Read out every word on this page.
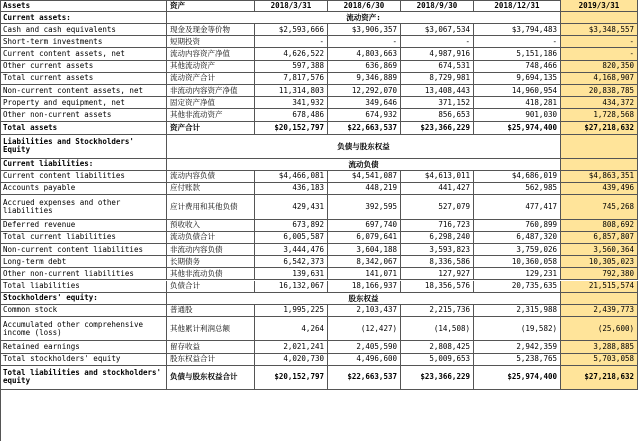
Assets	资产	2018/3/31	2018/6/30	2018/9/30	2018/12/31	2019/3/31
Current assets:	流动资产:
Cash and cash equivalents	现金及现金等价物	$2,593,666	$3,906,357	$3,067,534	$3,794,483	$3,348,557
Short-term investments	短期投资	-	-	-	-	-
Current content assets, net	流动内容资产净值	4,626,522	4,803,663	4,987,916	5,151,186	-
Other current assets	其他流动资产	597,388	636,869	674,531	748,466	820,350
Total current assets	流动资产合计	7,817,576	9,346,889	8,729,981	9,694,135	4,168,907
Non-current content assets, net	非流动内容资产净值	11,314,803	12,292,070	13,408,443	14,960,954	20,838,785
Property and equipment, net	固定资产净值	341,932	349,646	371,152	418,281	434,372
Other non-current assets	其他非流动资产	678,486	674,932	856,653	901,030	1,728,568
Total assets	资产合计	$20,152,797	$22,663,537	$23,366,229	$25,974,400	$27,218,632
Liabilities and Stockholders' Equity	负债与股东权益
Current liabilities:	流动负债
Current content liabilities	流动内容负债	$4,466,081	$4,541,087	$4,613,011	$4,686,019	$4,863,351
Accounts payable	应付账款	436,183	448,219	441,427	562,985	439,496
Accrued expenses and other liabilities	应计费用和其他负债	429,431	392,595	527,079	477,417	745,268
Deferred revenue	预收收入	673,892	697,740	716,723	760,899	808,692
Total current liabilities	流动负债合计	6,005,587	6,079,641	6,298,240	6,487,320	6,857,807
Non-current content liabilities	非流动内容负债	3,444,476	3,604,188	3,593,823	3,759,026	3,560,364
Long-term debt	长期债务	6,542,373	8,342,067	8,336,586	10,360,058	10,305,023
Other non-current liabilities	其他非流动负债	139,631	141,071	127,927	129,231	792,380
Total liabilities	负债合计	16,132,067	18,166,937	18,356,576	20,735,635	21,515,574
Stockholders' equity:	股东权益
Common stock	普通股	1,995,225	2,103,437	2,215,736	2,315,988	2,439,773
Accumulated other comprehensive income (loss)	其他累计利润总额	4,264	(12,427)	(14,508)	(19,582)	(25,600)
Retained earnings	留存收益	2,021,241	2,405,590	2,808,425	2,942,359	3,288,885
Total stockholders' equity	股东权益合计	4,020,730	4,496,600	5,009,653	5,238,765	5,703,058
Total liabilities and stockholders' equity	负债与股东权益合计	$20,152,797	$22,663,537	$23,366,229	$25,974,400	$27,218,632
